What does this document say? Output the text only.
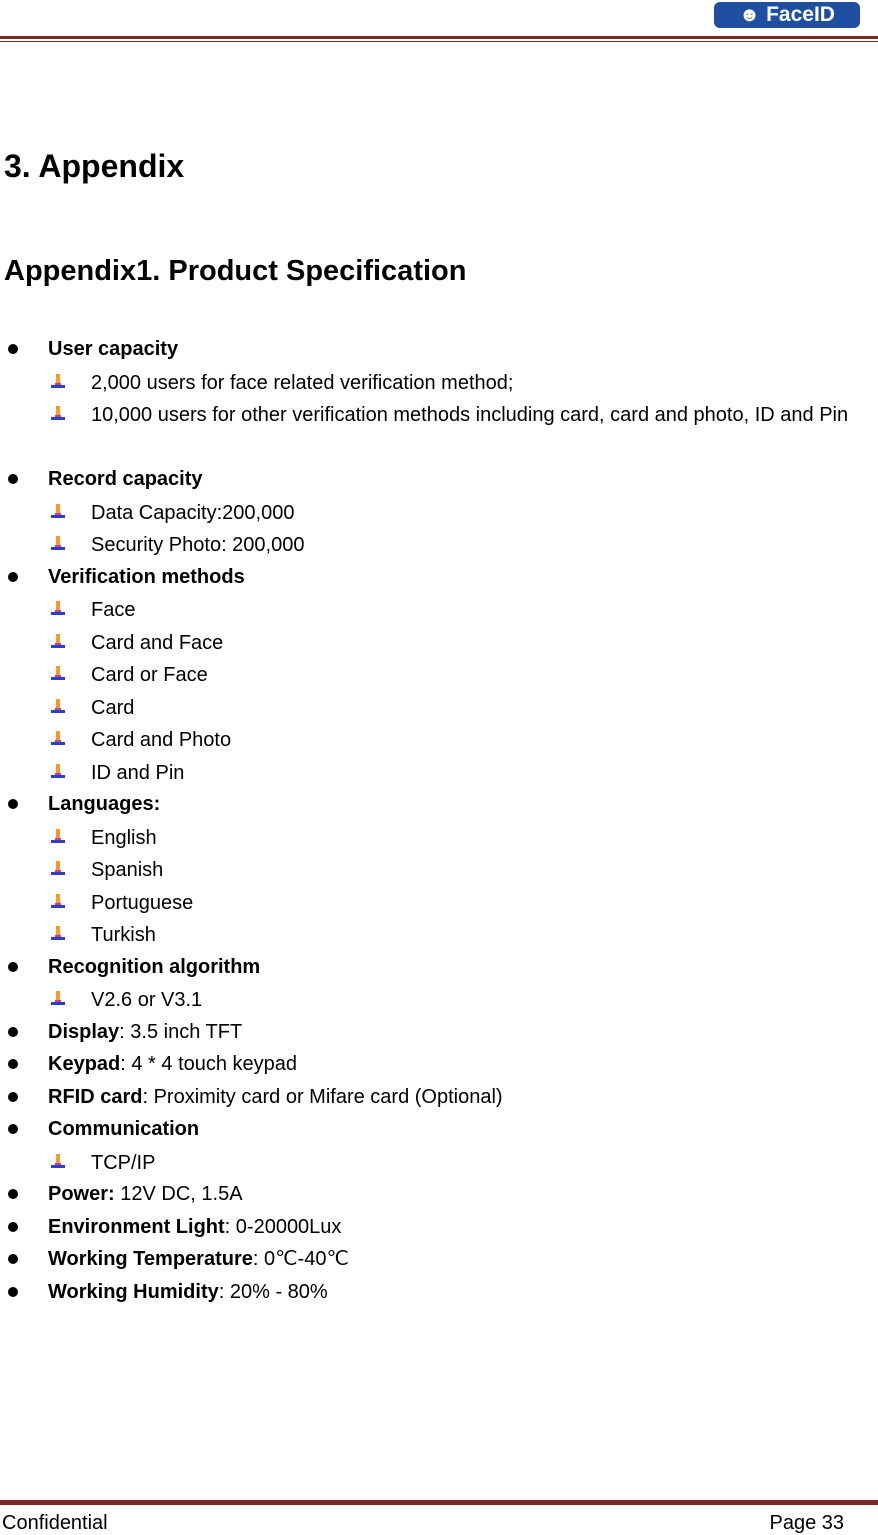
☻ FaceID
3. Appendix
Appendix1. Product Specification
User capacity
2,000 users for face related verification method;
10,000 users for other verification methods including card, card and photo, ID and Pin
Record capacity
Data Capacity:200,000
Security Photo: 200,000
Verification methods
Face
Card and Face
Card or Face
Card
Card and Photo
ID and Pin
Languages:
English
Spanish
Portuguese
Turkish
Recognition algorithm
V2.6 or V3.1
Display: 3.5 inch TFT
Keypad: 4 * 4 touch keypad
RFID card: Proximity card or Mifare card (Optional)
Communication
TCP/IP
Power: 12V DC, 1.5A
Environment Light: 0-20000Lux
Working Temperature: 0℃-40℃
Working Humidity: 20% - 80%
Confidential	Page 33
